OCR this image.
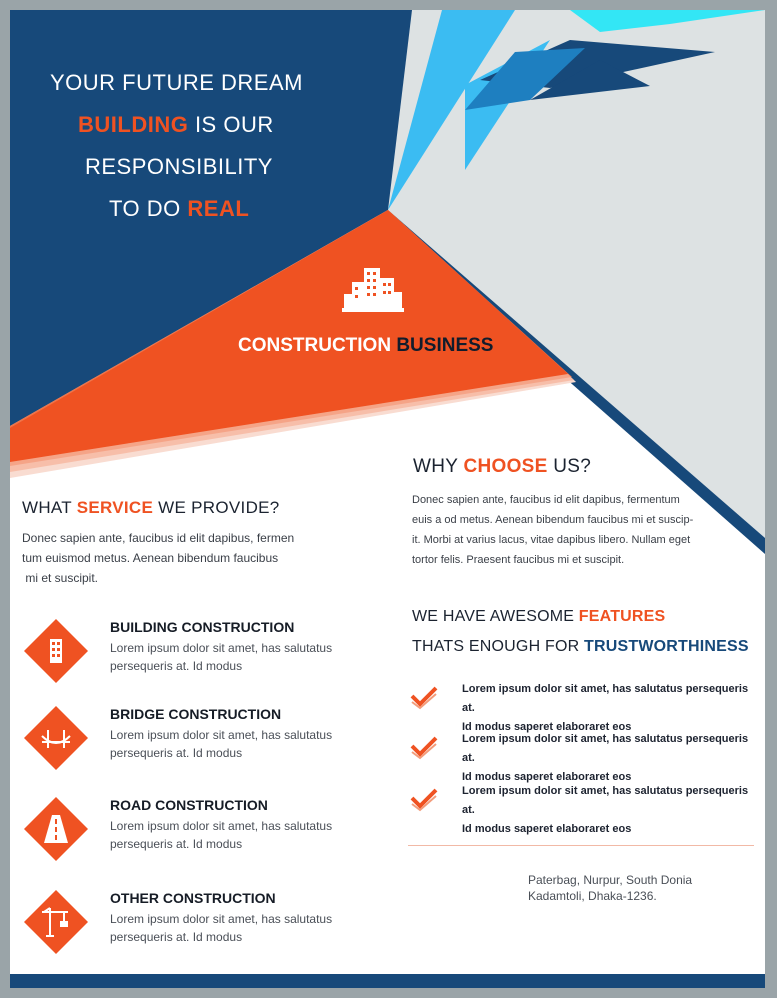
YOUR FUTURE DREAM
BUILDING IS OUR
RESPONSIBILITY
TO DO REAL
CONSTRUCTION BUSINESS
WHAT SERVICE WE PROVIDE?
Donec sapien ante, faucibus id elit dapibus, fermen
tum euismod metus. Aenean bibendum faucibus
mi et suscipit.
BUILDING CONSTRUCTION
Lorem ipsum dolor sit amet, has salutatus
persequeris at. Id modus
BRIDGE CONSTRUCTION
Lorem ipsum dolor sit amet, has salutatus
persequeris at. Id modus
ROAD CONSTRUCTION
Lorem ipsum dolor sit amet, has salutatus
persequeris at. Id modus
OTHER CONSTRUCTION
Lorem ipsum dolor sit amet, has salutatus
persequeris at. Id modus
WHY CHOOSE US?
Donec sapien ante, faucibus id elit dapibus, fermentum
euis a od metus. Aenean bibendum faucibus mi et suscip-
it. Morbi at varius lacus, vitae dapibus libero. Nullam eget
tortor felis. Praesent faucibus mi et suscipit.
WE HAVE AWESOME FEATURES
THATS ENOUGH FOR TRUSTWORTHINESS
Lorem ipsum dolor sit amet, has salutatus persequeris at.
Id modus saperet elaboraret eos
Lorem ipsum dolor sit amet, has salutatus persequeris at.
Id modus saperet elaboraret eos
Lorem ipsum dolor sit amet, has salutatus persequeris at.
Id modus saperet elaboraret eos
Paterbag, Nurpur, South Donia
Kadamtoli, Dhaka-1236.
